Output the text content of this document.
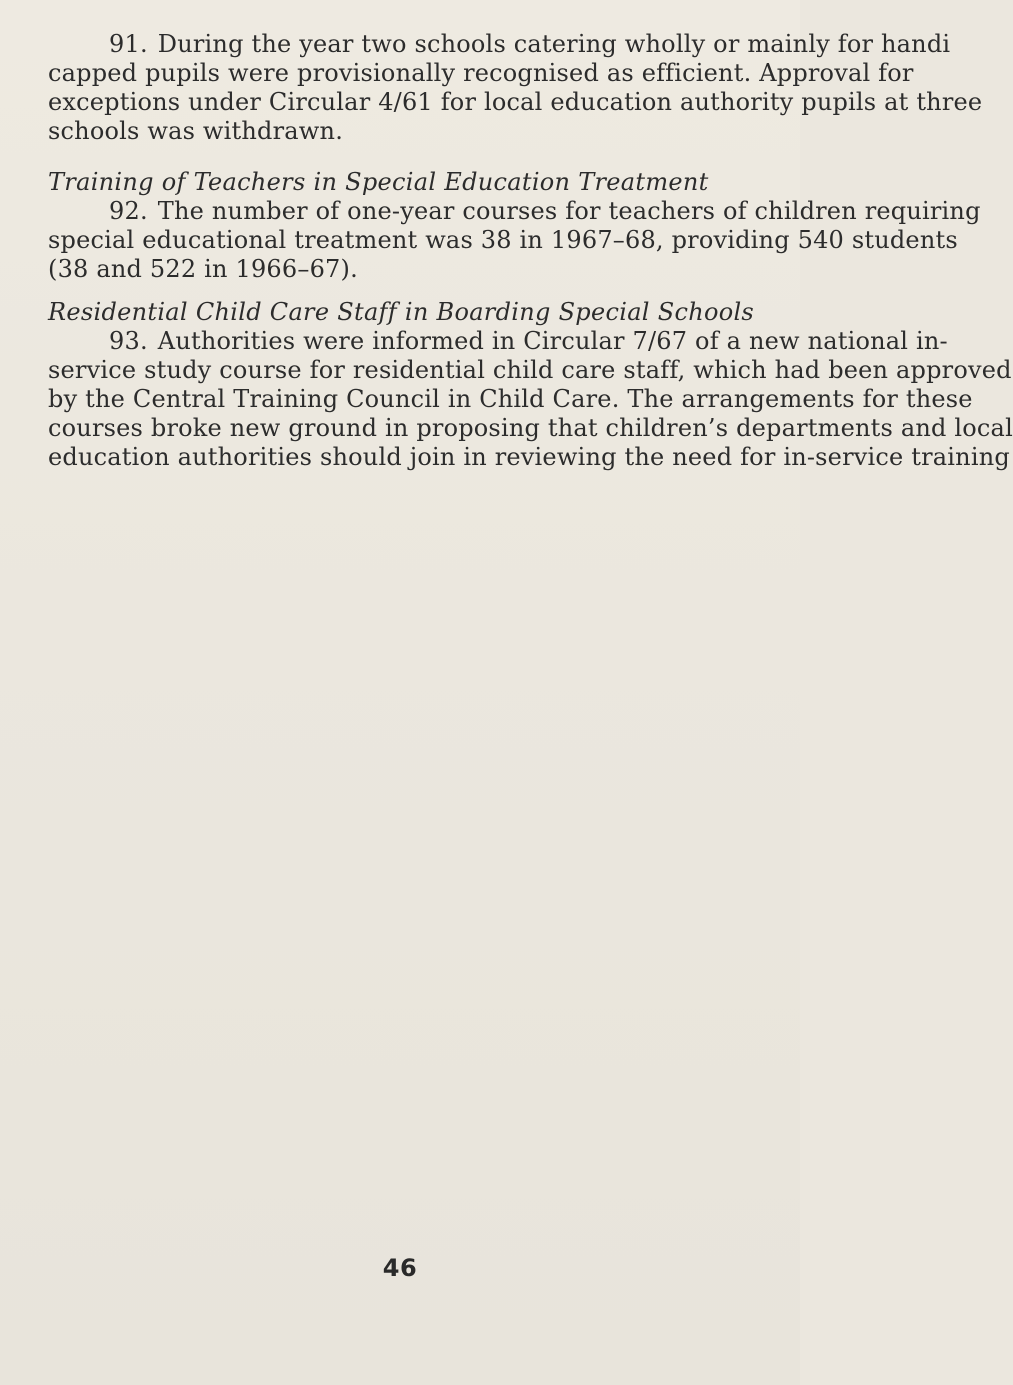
91. During the year two schools catering wholly or mainly for handi
capped pupils were provisionally recognised as efficient. Approval for
exceptions under Circular 4/61 for local education authority pupils at three
schools was withdrawn.
Training of Teachers in Special Education Treatment
92. The number of one-year courses for teachers of children requiring
special educational treatment was 38 in 1967–68, providing 540 students
(38 and 522 in 1966–67).
Residential Child Care Staff in Boarding Special Schools
93. Authorities were informed in Circular 7/67 of a new national in-
service study course for residential child care staff, which had been approved
by the Central Training Council in Child Care. The arrangements for these
courses broke new ground in proposing that children’s departments and local
education authorities should join in reviewing the need for in-service training
46
